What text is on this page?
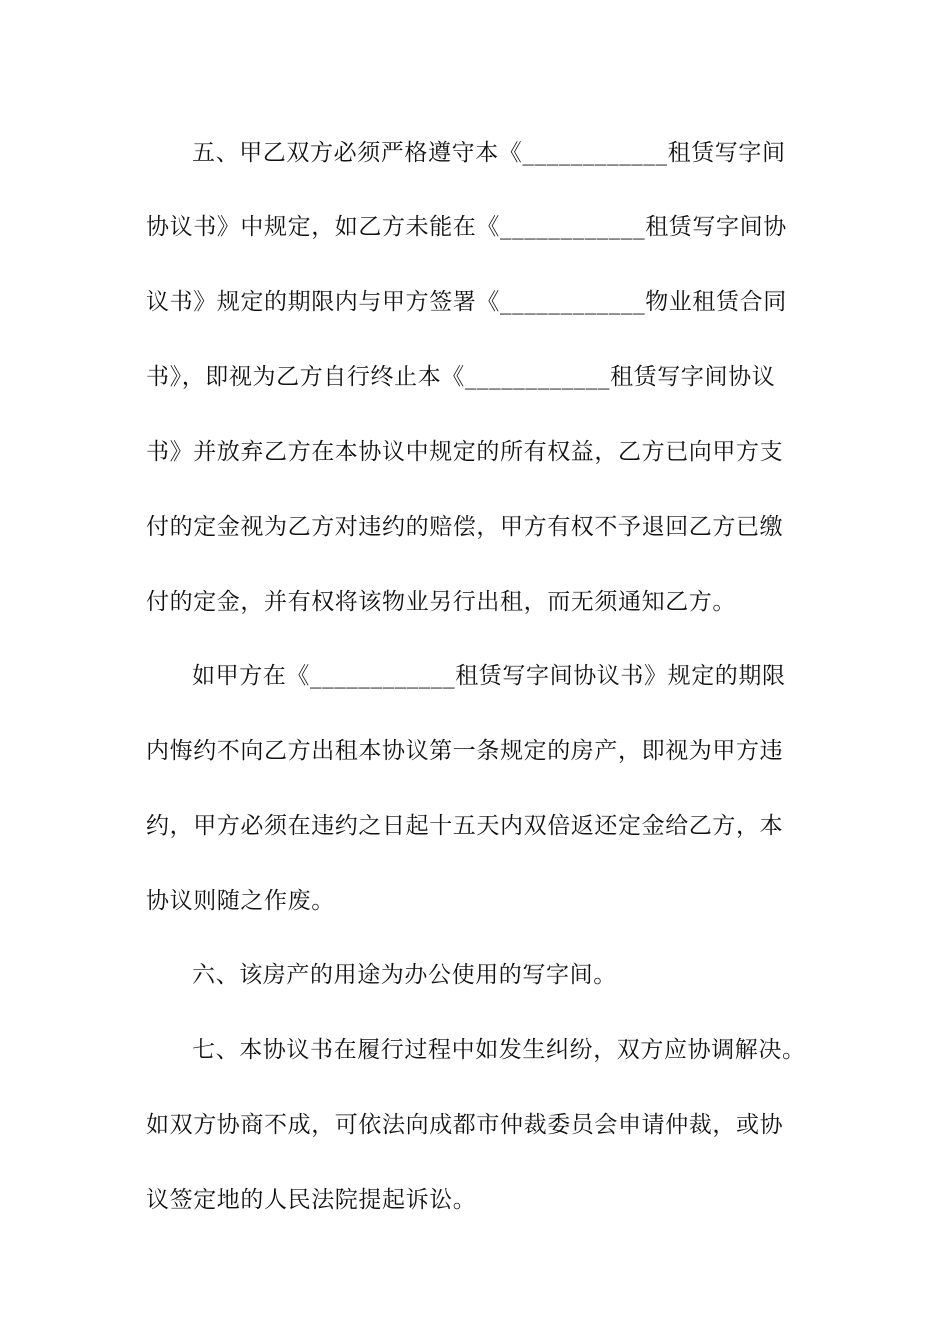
五、甲乙双方必须严格遵守本《____________租赁写字间
协议书》中规定，如乙方未能在《____________租赁写字间协
议书》规定的期限内与甲方签署《____________物业租赁合同
书》，即视为乙方自行终止本《____________租赁写字间协议
书》并放弃乙方在本协议中规定的所有权益，乙方已向甲方支
付的定金视为乙方对违约的赔偿，甲方有权不予退回乙方已缴
付的定金，并有权将该物业另行出租，而无须通知乙方。
如甲方在《____________租赁写字间协议书》规定的期限
内悔约不向乙方出租本协议第一条规定的房产，即视为甲方违
约，甲方必须在违约之日起十五天内双倍返还定金给乙方，本
协议则随之作废。
六、该房产的用途为办公使用的写字间。
七、本协议书在履行过程中如发生纠纷，双方应协调解决。
如双方协商不成，可依法向成都市仲裁委员会申请仲裁，或协
议签定地的人民法院提起诉讼。
